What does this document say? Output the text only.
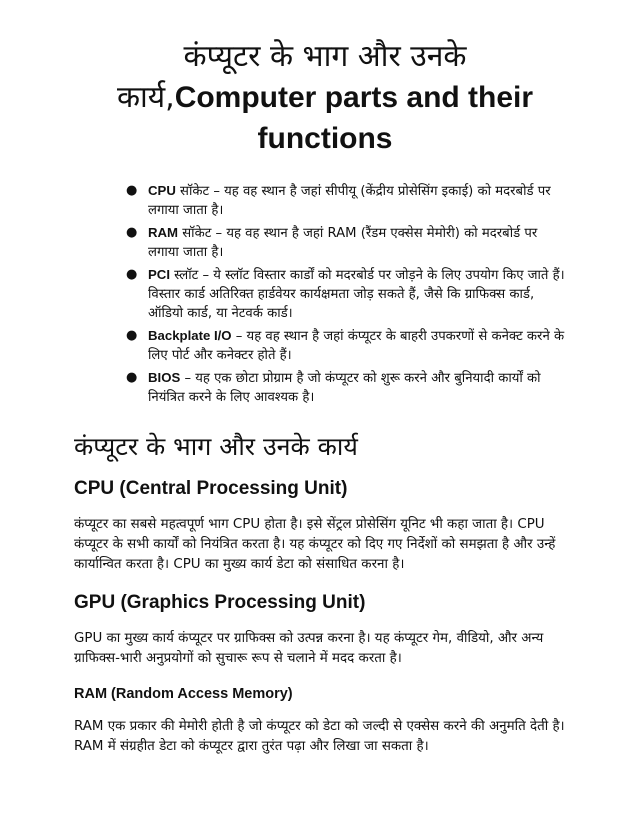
कंप्यूटर के भाग और उनके
कार्य,Computer parts and their
functions
● CPU सॉकेट – यह वह स्थान है जहां सीपीयू (केंद्रीय प्रोसेसिंग इकाई) को मदरबोर्ड पर लगाया जाता है।
● RAM सॉकेट – यह वह स्थान है जहां RAM (रैंडम एक्सेस मेमोरी) को मदरबोर्ड पर लगाया जाता है।
● PCI स्लॉट – ये स्लॉट विस्तार कार्डों को मदरबोर्ड पर जोड़ने के लिए उपयोग किए जाते हैं। विस्तार कार्ड अतिरिक्त हार्डवेयर कार्यक्षमता जोड़ सकते हैं, जैसे कि ग्राफिक्स कार्ड, ऑडियो कार्ड, या नेटवर्क कार्ड।
● Backplate I/O – यह वह स्थान है जहां कंप्यूटर के बाहरी उपकरणों से कनेक्ट करने के लिए पोर्ट और कनेक्टर होते हैं।
● BIOS – यह एक छोटा प्रोग्राम है जो कंप्यूटर को शुरू करने और बुनियादी कार्यों को नियंत्रित करने के लिए आवश्यक है।
कंप्यूटर के भाग और उनके कार्य
CPU (Central Processing Unit)

कंप्यूटर का सबसे महत्वपूर्ण भाग CPU होता है। इसे सेंट्रल प्रोसेसिंग यूनिट भी कहा जाता है। CPU कंप्यूटर के सभी कार्यों को नियंत्रित करता है। यह कंप्यूटर को दिए गए निर्देशों को समझता है और उन्हें कार्यान्वित करता है। CPU का मुख्य कार्य डेटा को संसाधित करना है।

GPU (Graphics Processing Unit)

GPU का मुख्य कार्य कंप्यूटर पर ग्राफिक्स को उत्पन्न करना है। यह कंप्यूटर गेम, वीडियो, और अन्य ग्राफिक्स-भारी अनुप्रयोगों को सुचारू रूप से चलाने में मदद करता है।

RAM (Random Access Memory)

RAM एक प्रकार की मेमोरी होती है जो कंप्यूटर को डेटा को जल्दी से एक्सेस करने की अनुमति देती है। RAM में संग्रहीत डेटा को कंप्यूटर द्वारा तुरंत पढ़ा और लिखा जा सकता है।
